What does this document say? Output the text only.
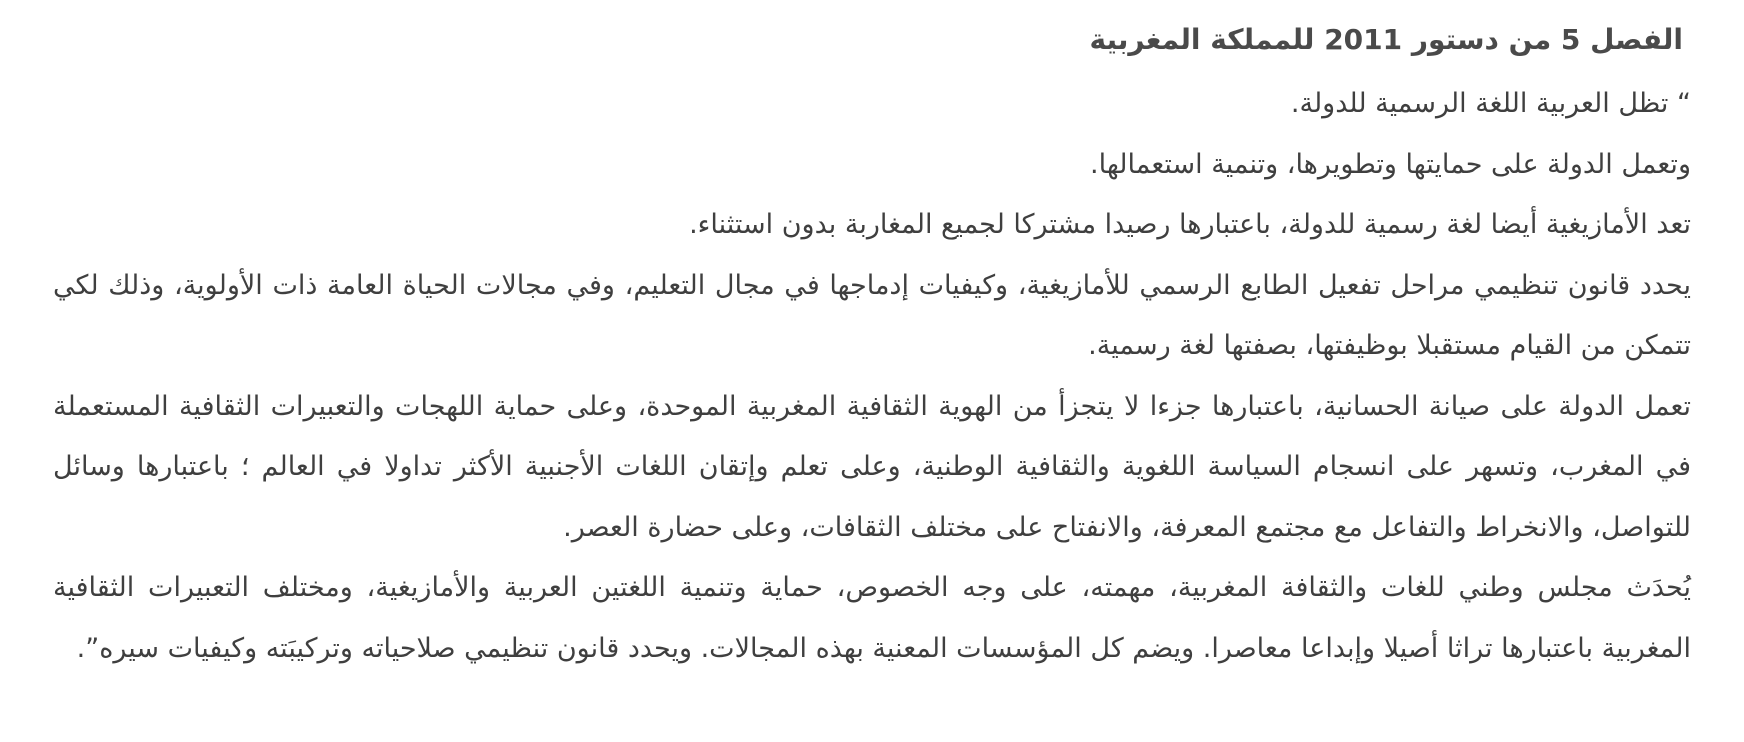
الفصل 5 من دستور 2011 للمملكة المغربية

“ تظل العربية اللغة الرسمية للدولة.

وتعمل الدولة على حمايتها وتطويرها، وتنمية استعمالها.

تعد الأمازيغية أيضا لغة رسمية للدولة، باعتبارها رصيدا مشتركا لجميع المغاربة بدون استثناء.

يحدد قانون تنظيمي مراحل تفعيل الطابع الرسمي للأمازيغية، وكيفيات إدماجها في مجال التعليم، وفي مجالات الحياة العامة ذات الأولوية، وذلك لكي تتمكن من القيام مستقبلا بوظيفتها، بصفتها لغة رسمية.

تعمل الدولة على صيانة الحسانية، باعتبارها جزءا لا يتجزأ من الهوية الثقافية المغربية الموحدة، وعلى حماية اللهجات والتعبيرات الثقافية المستعملة في المغرب، وتسهر على انسجام السياسة اللغوية والثقافية الوطنية، وعلى تعلم وإتقان اللغات الأجنبية الأكثر تداولا في العالم ؛ باعتبارها وسائل للتواصل، والانخراط والتفاعل مع مجتمع المعرفة، والانفتاح على مختلف الثقافات، وعلى حضارة العصر.

يُحدَث مجلس وطني للغات والثقافة المغربية، مهمته، على وجه الخصوص، حماية وتنمية اللغتين العربية والأمازيغية، ومختلف التعبيرات الثقافية المغربية باعتبارها تراثا أصيلا وإبداعا معاصرا. ويضم كل المؤسسات المعنية بهذه المجالات. ويحدد قانون تنظيمي صلاحياته وتركيبَته وكيفيات سيره”.
